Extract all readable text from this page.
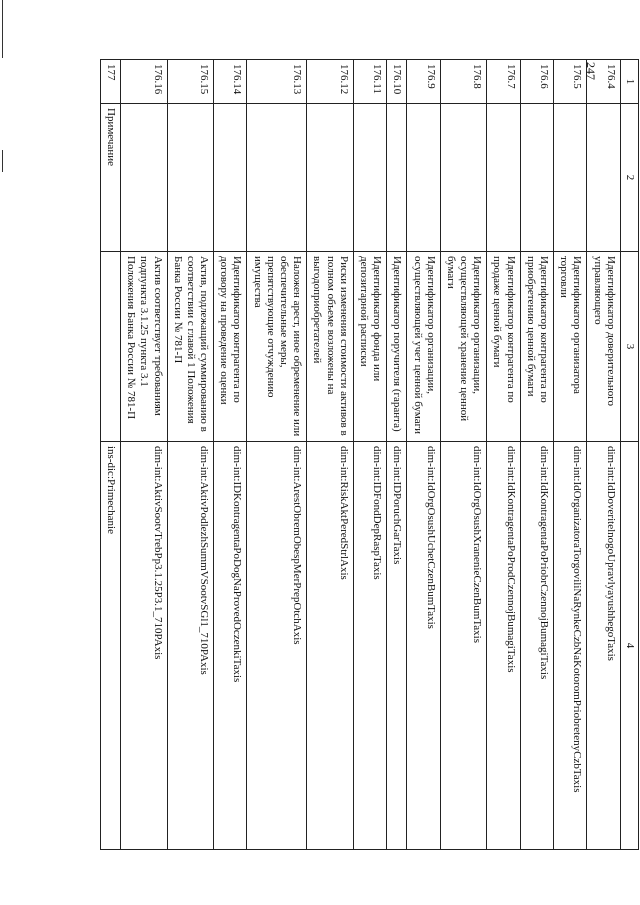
247
1	2	3	4
176.4		Идентификатор доверительного управляющего	dim-int:IdDoveritelnogoUpravlyayushhegoTaxis
176.5		Идентификатор организатора торговли	dim-int:IdOrganizatoraTorgoviliNaRynkeCzbNaKotoromPriobretenyCzbTaxis
176.6		Идентификатор контрагента по приобретению ценной бумаги	dim-int:IdKontragentaPoPriobrCzennojBumagiTaxis
176.7		Идентификатор контрагента по продаже ценной бумаги	dim-int:IdKontragentaPoProdCzennojBumagiTaxis
176.8		Идентификатор организации, осуществляющей хранение ценной бумаги	dim-int:IdOrgOsushXranenieCzenBumTaxis
176.9		Идентификатор организации, осуществляющей учет ценной бумаги	dim-int:IdOrgOsushUchetCzenBumTaxis
176.10		Идентификатор поручителя (гаранта)	dim-int:IDPoruchGarTaxis
176.11		Идентификатор фонда или депозитарной расписки	dim-int:IDFondDepRaspTaxis
176.12		Риски изменения стоимости активов в полном объеме возложены на выгодоприобретателей	dim-int:RiskAktPeredStrlAxis
176.13		Наложен арест, иное обременение или обеспечительные меры, препятствующие отчуждению имущества	dim-int:ArestObremObespMerPrepOtchAxis
176.14		Идентификатор контрагента по договору на проведение оценки	dim-int:IDKontragentaPoDogNaProvedOczenkiTaxis
176.15		Актив, подлежащий суммированию в соответствии с главой 1 Положения Банка России № 781-П	dim-int:AktivPodlezhSummVSootvSGl1_710PAxis
176.16		Актив соответствует требованиям подпункта 3.1.25 пункта 3.1 Положения Банка России № 781-П	dim-int:AktivSootvTrebPp3.1.25P3.1_710PAxis
177	Примечание		ins-dic:Primechanie
